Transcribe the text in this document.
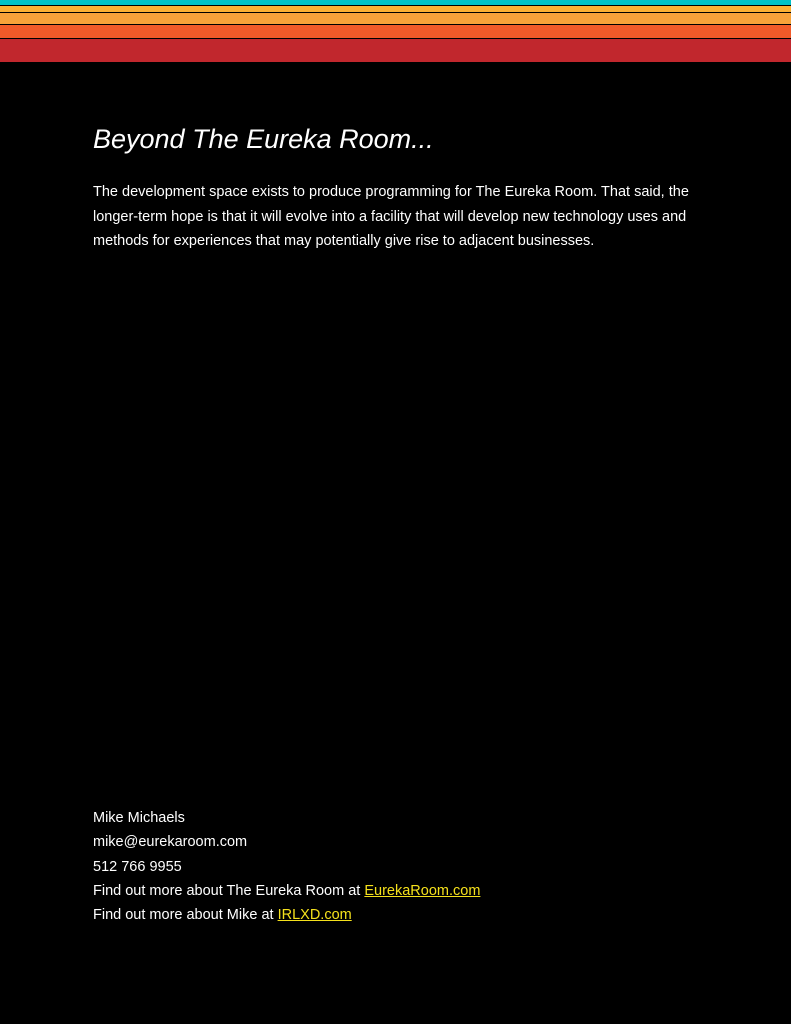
Beyond The Eureka Room...

The development space exists to produce programming for The Eureka Room. That said, the longer-term hope is that it will evolve into a facility that will develop new technology uses and methods for experiences that may potentially give rise to adjacent businesses.

Mike Michaels
mike@eurekaroom.com
512 766 9955
Find out more about The Eureka Room at EurekaRoom.com
Find out more about Mike at IRLXD.com
